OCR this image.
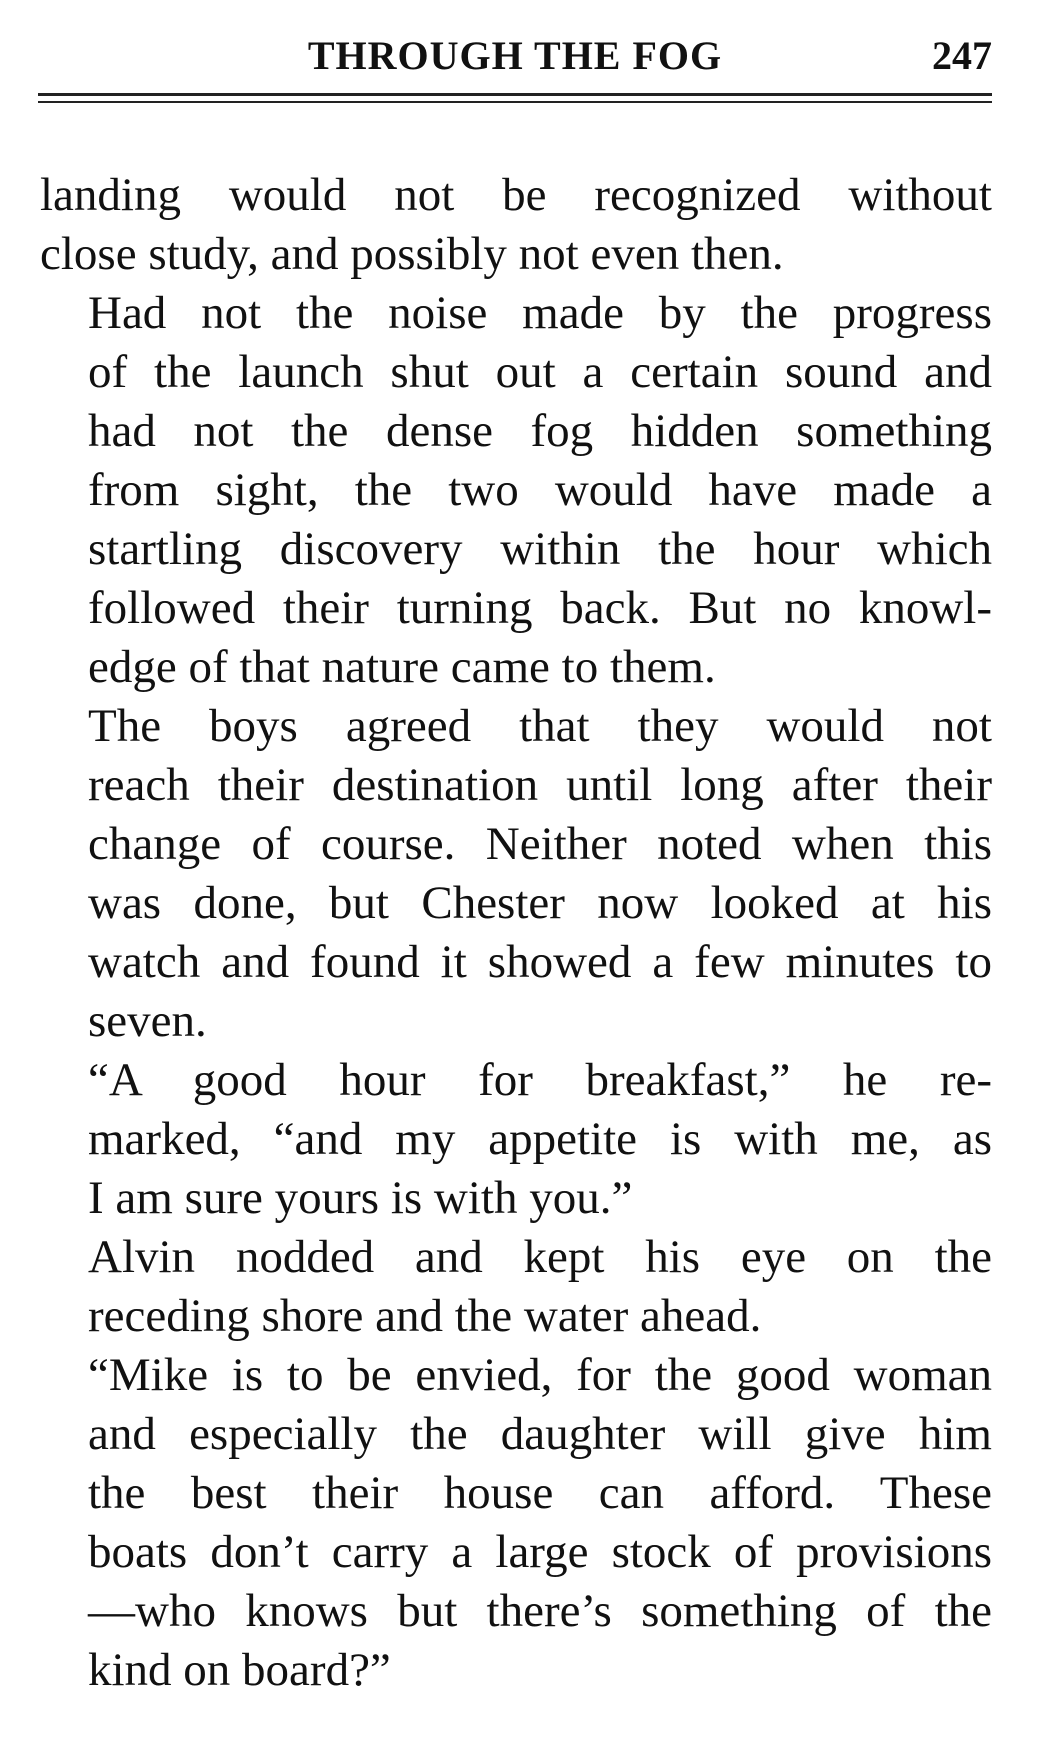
THROUGH THE FOG	247

landing would not be recognized without
close study, and possibly not even then.

Had not the noise made by the progress
of the launch shut out a certain sound and
had not the dense fog hidden something
from sight, the two would have made a
startling discovery within the hour which
followed their turning back. But no knowl-
edge of that nature came to them.

The boys agreed that they would not
reach their destination until long after their
change of course. Neither noted when this
was done, but Chester now looked at his
watch and found it showed a few minutes to
seven.

“A good hour for breakfast,” he re-
marked, “and my appetite is with me, as
I am sure yours is with you.”

Alvin nodded and kept his eye on the
receding shore and the water ahead.

“Mike is to be envied, for the good woman
and especially the daughter will give him
the best their house can afford. These
boats don’t carry a large stock of provisions
—who knows but there’s something of the
kind on board?”
